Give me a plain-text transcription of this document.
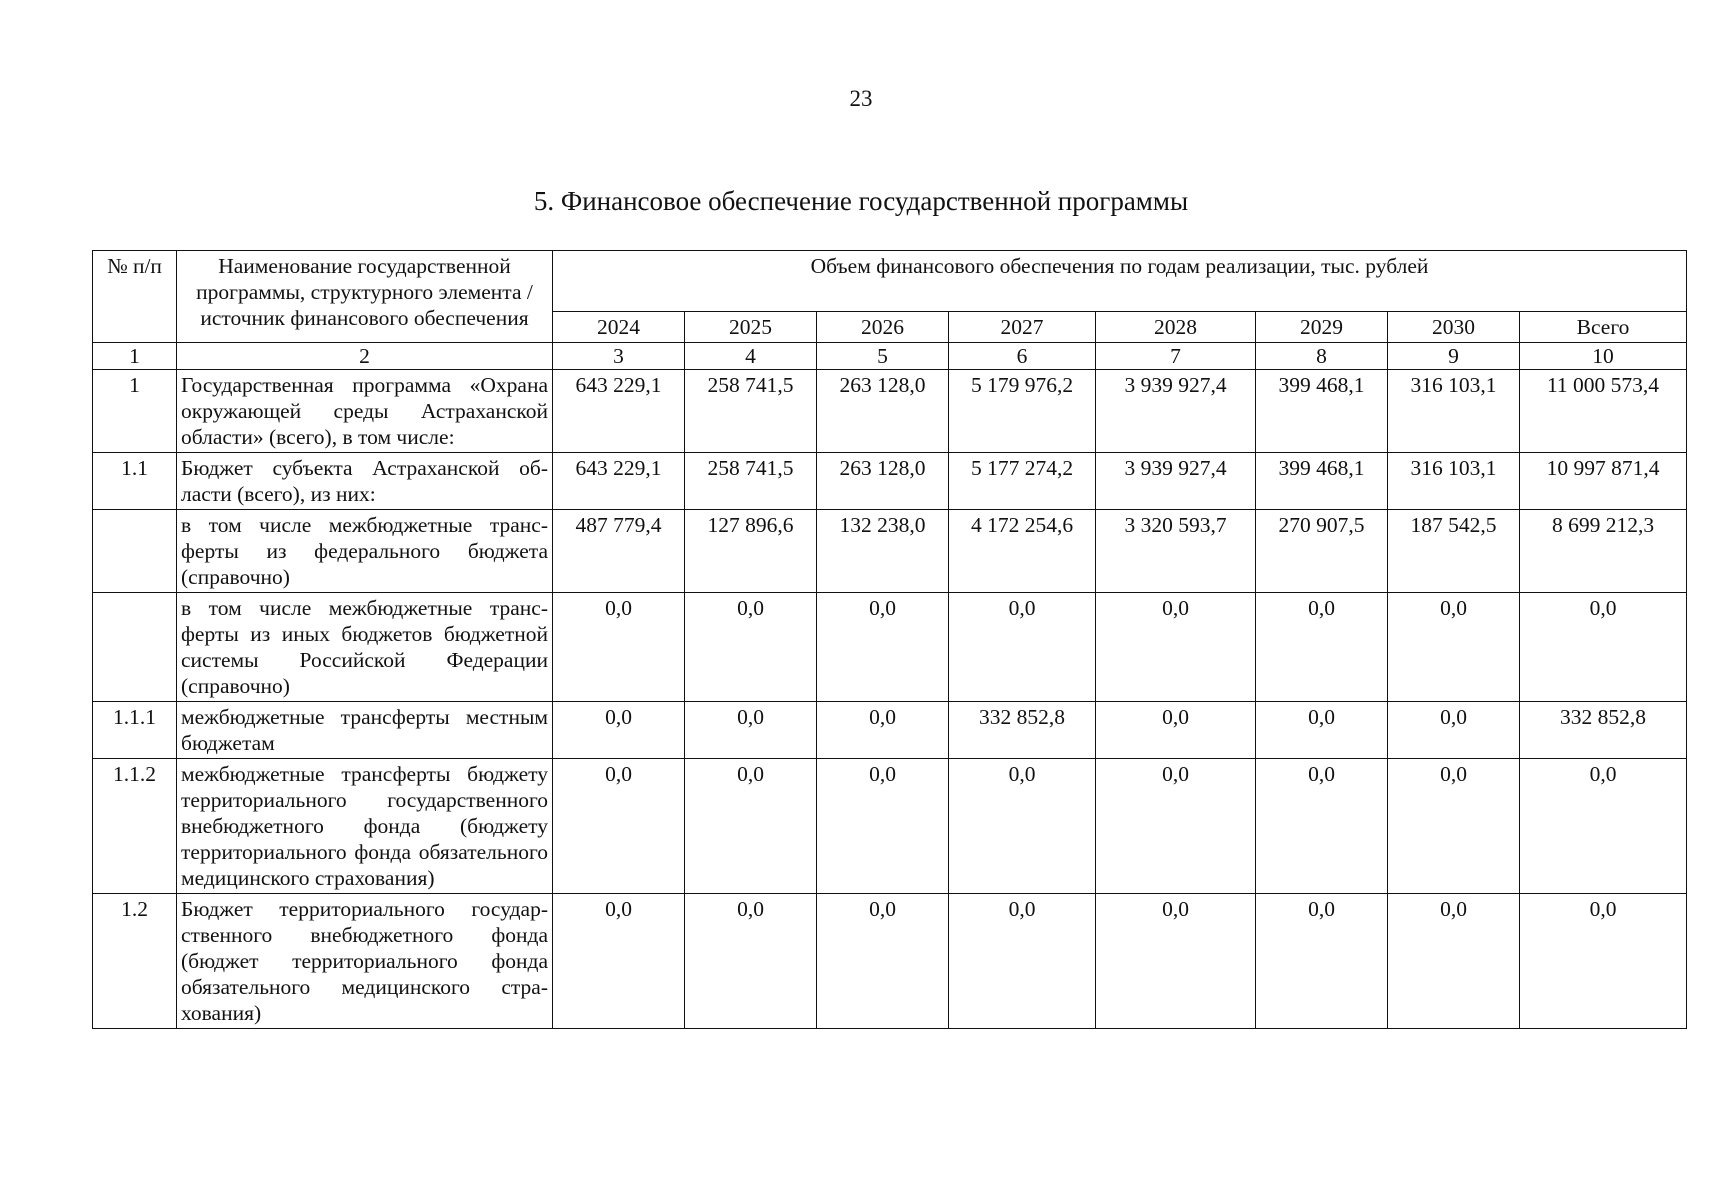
23
5. Финансовое обеспечение государственной программы
№ п/п	Наименование государственной программы, структурного элемента / источник финансового обеспечения	Объем финансового обеспечения по годам реализации, тыс. рублей							
		2024	2025	2026	2027	2028	2029	2030	Всего
1	2	3	4	5	6	7	8	9	10
1	Государственная программа «Охрана окружающей среды Астраханской области» (всего), в том числе:	643 229,1	258 741,5	263 128,0	5 179 976,2	3 939 927,4	399 468,1	316 103,1	11 000 573,4
1.1	Бюджет субъекта Астраханской области (всего), из них:	643 229,1	258 741,5	263 128,0	5 177 274,2	3 939 927,4	399 468,1	316 103,1	10 997 871,4
	в том числе межбюджетные трансферты из федерального бюджета (справочно)	487 779,4	127 896,6	132 238,0	4 172 254,6	3 320 593,7	270 907,5	187 542,5	8 699 212,3
	в том числе межбюджетные трансферты из иных бюджетов бюджетной системы Российской Федерации (справочно)	0,0	0,0	0,0	0,0	0,0	0,0	0,0	0,0
1.1.1	межбюджетные трансферты местным бюджетам	0,0	0,0	0,0	332 852,8	0,0	0,0	0,0	332 852,8
1.1.2	межбюджетные трансферты бюджету территориального государственного внебюджетного фонда (бюджету территориального фонда обязательного медицинского страхования)	0,0	0,0	0,0	0,0	0,0	0,0	0,0	0,0
1.2	Бюджет территориального государственного внебюджетного фонда (бюджет территориального фонда обязательного медицинского страхования)	0,0	0,0	0,0	0,0	0,0	0,0	0,0	0,0
